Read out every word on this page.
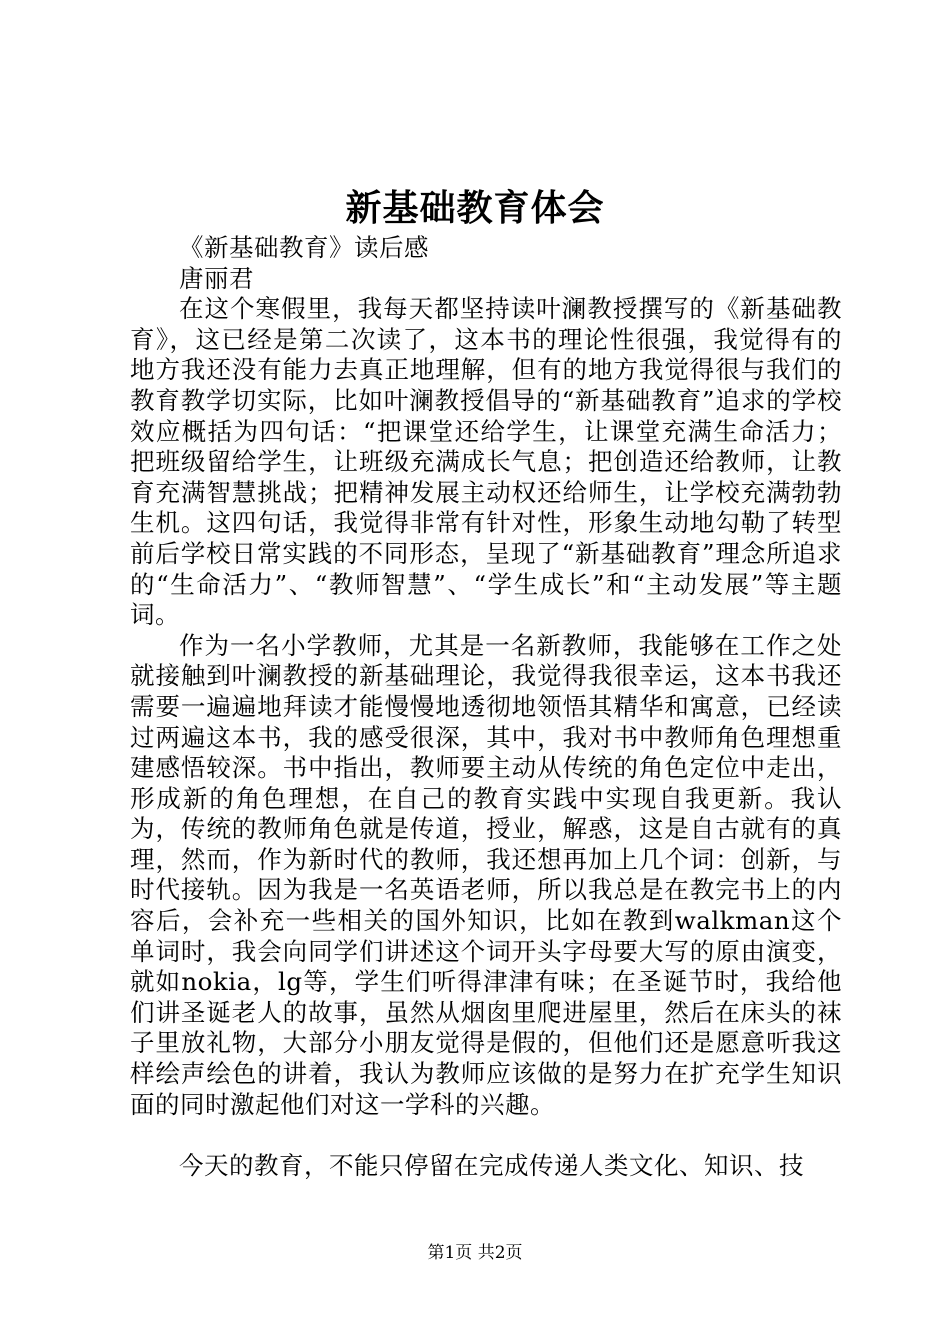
新基础教育体会

《新基础教育》读后感

唐丽君

在这个寒假里，我每天都坚持读叶澜教授撰写的《新基础教育》，这已经是第二次读了，这本书的理论性很强，我觉得有的地方我还没有能力去真正地理解，但有的地方我觉得很与我们的教育教学切实际，比如叶澜教授倡导的“新基础教育”追求的学校效应概括为四句话：“把课堂还给学生，让课堂充满生命活力；把班级留给学生，让班级充满成长气息；把创造还给教师，让教育充满智慧挑战；把精神发展主动权还给师生，让学校充满勃勃生机。这四句话，我觉得非常有针对性，形象生动地勾勒了转型前后学校日常实践的不同形态，呈现了“新基础教育”理念所追求的“生命活力”、“教师智慧”、“学生成长”和“主动发展”等主题词。

作为一名小学教师，尤其是一名新教师，我能够在工作之处就接触到叶澜教授的新基础理论，我觉得我很幸运，这本书我还需要一遍遍地拜读才能慢慢地透彻地领悟其精华和寓意，已经读过两遍这本书，我的感受很深，其中，我对书中教师角色理想重建感悟较深。书中指出，教师要主动从传统的角色定位中走出，形成新的角色理想，在自己的教育实践中实现自我更新。我认为，传统的教师角色就是传道，授业，解惑，这是自古就有的真理，然而，作为新时代的教师，我还想再加上几个词：创新，与时代接轨。因为我是一名英语老师，所以我总是在教完书上的内容后，会补充一些相关的国外知识，比如在教到walkman这个单词时，我会向同学们讲述这个词开头字母要大写的原由演变，就如nokia，lg等，学生们听得津津有味；在圣诞节时，我给他们讲圣诞老人的故事，虽然从烟囱里爬进屋里，然后在床头的袜子里放礼物，大部分小朋友觉得是假的，但他们还是愿意听我这样绘声绘色的讲着，我认为教师应该做的是努力在扩充学生知识面的同时激起他们对这一学科的兴趣。

今天的教育，不能只停留在完成传递人类文化、知识、技

第1页 共2页
